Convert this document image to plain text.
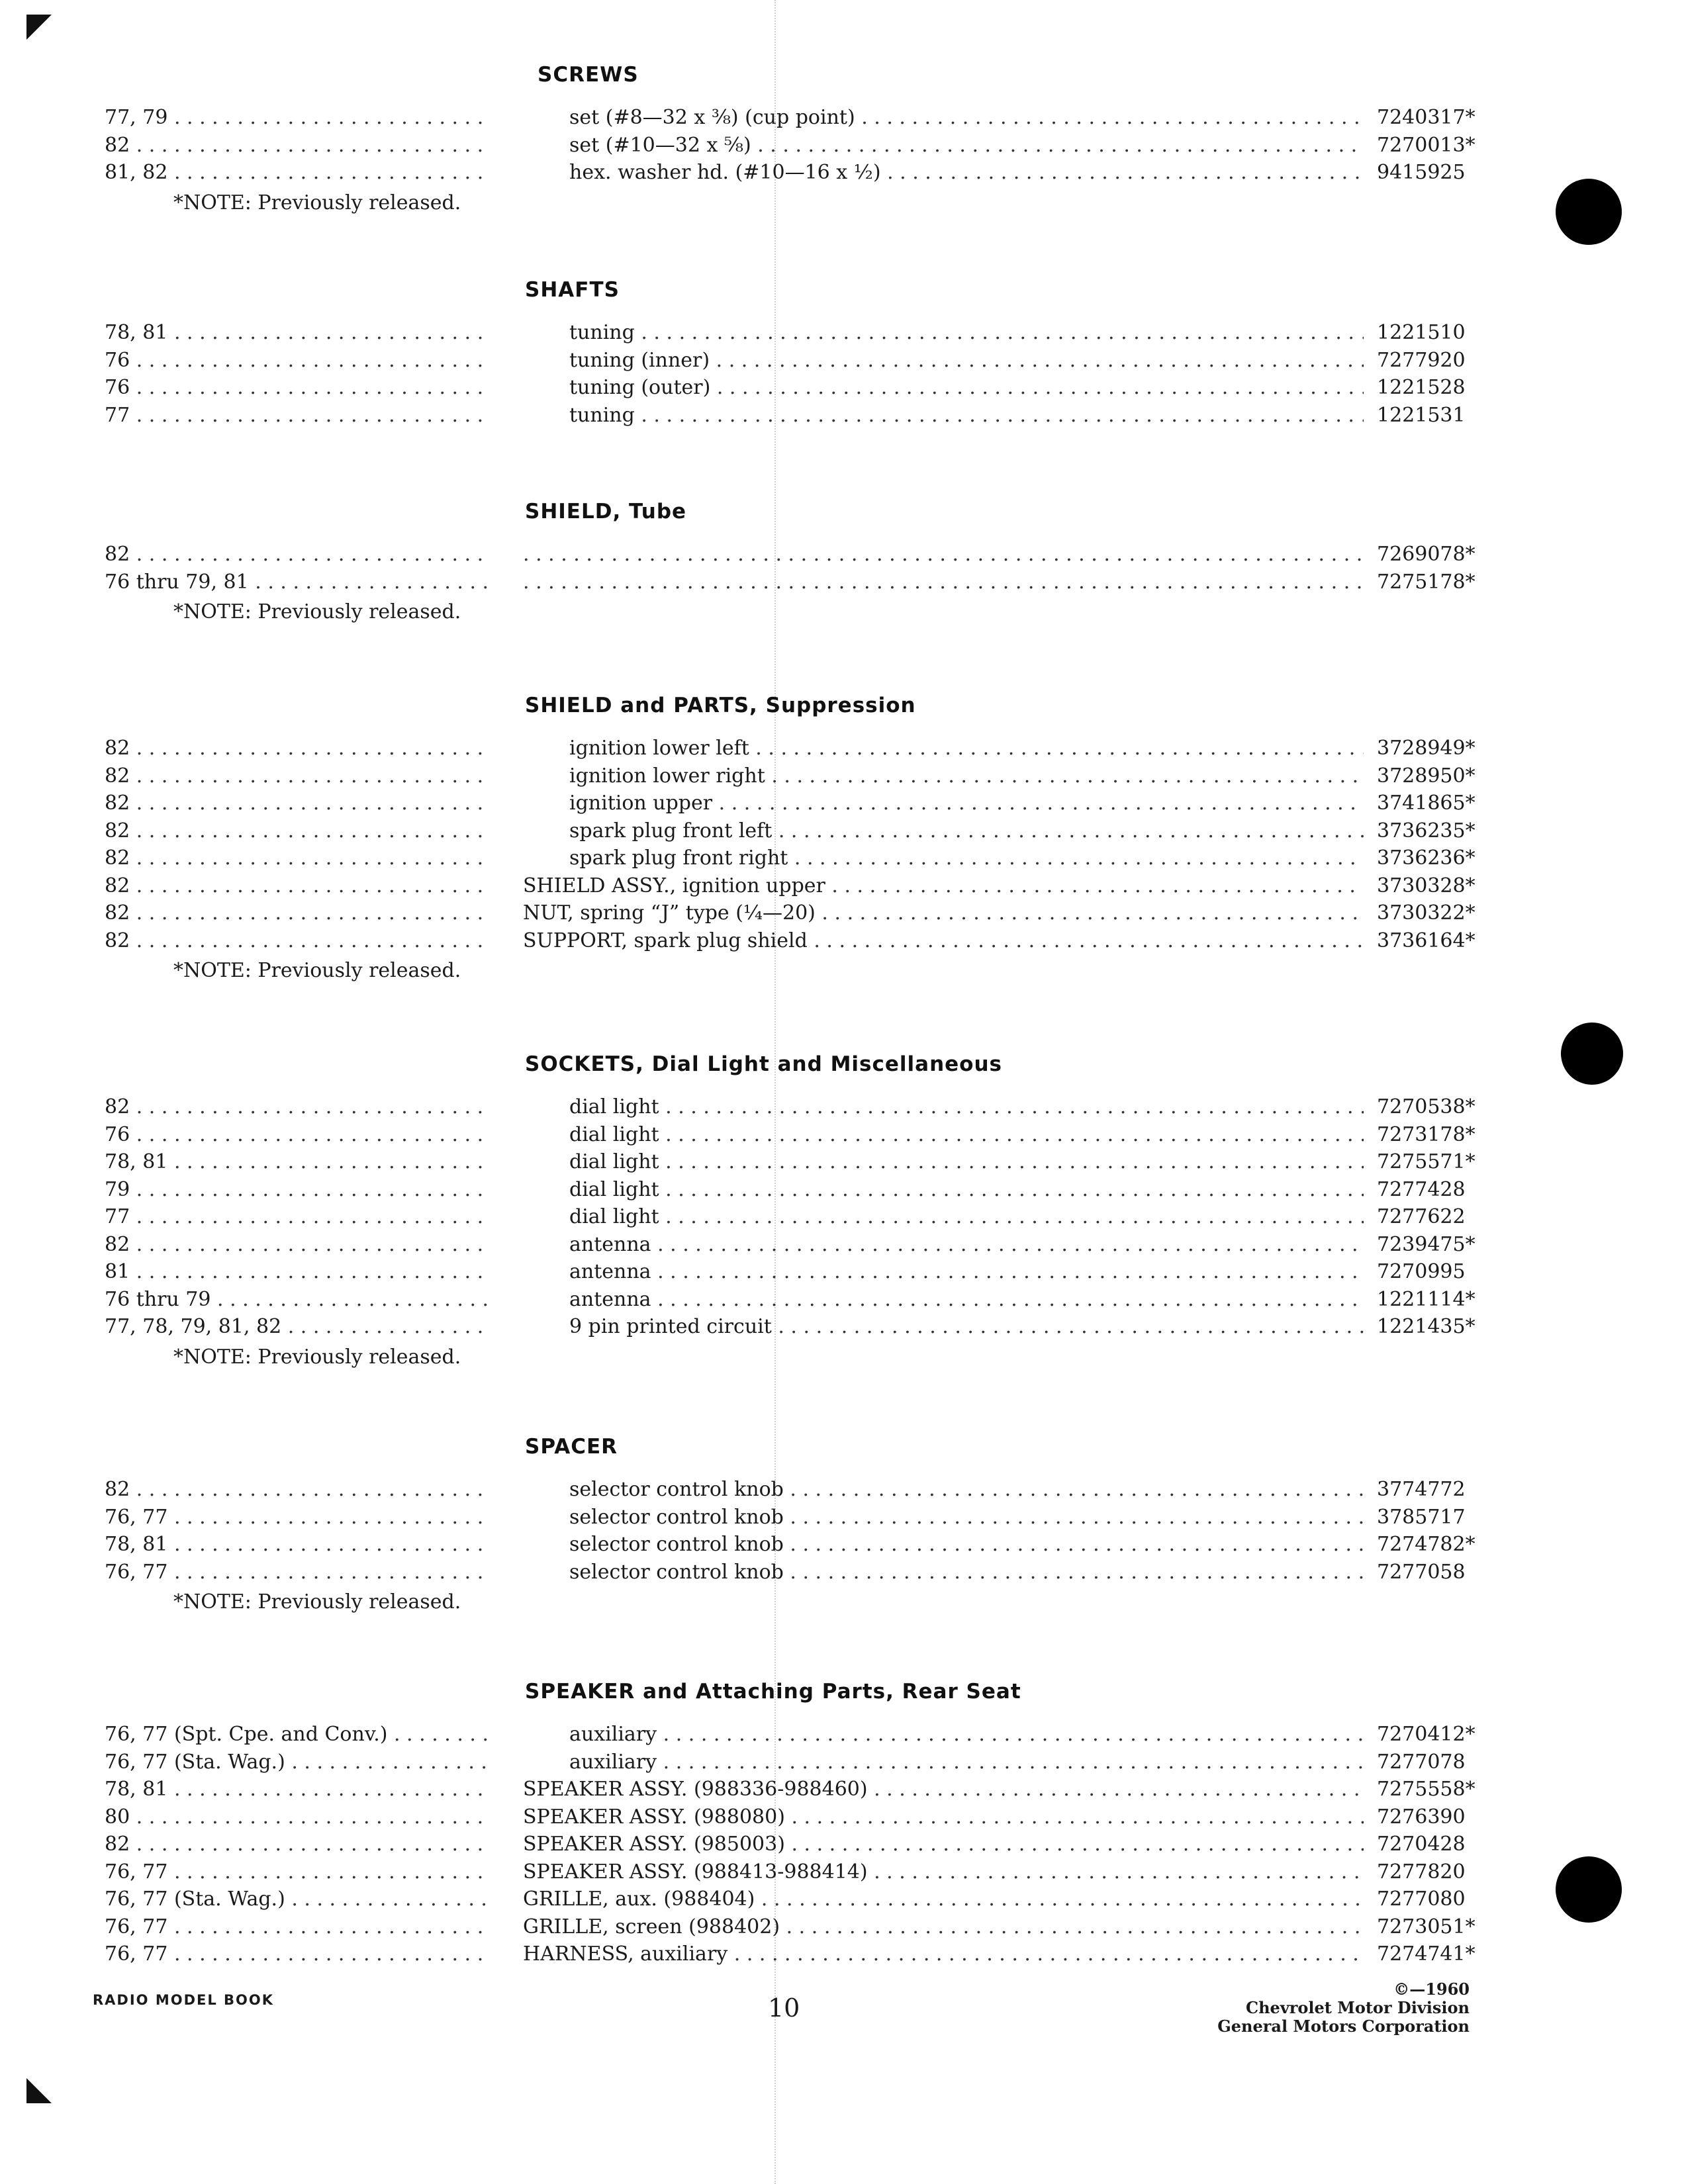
SCREWS
77, 79 . . .	set (#8—32 x ⅜) (cup point) . . .	7240317*
82 . . .	set (#10—32 x ⅝) . . .	7270013*
81, 82 . . .	hex. washer hd. (#10—16 x ½) . . .	9415925
*NOTE: Previously released.
SHAFTS
78, 81 . . .	tuning . . .	1221510
76 . . .	tuning (inner) . . .	7277920
76 . . .	tuning (outer) . . .	1221528
77 . . .	tuning . . .	1221531
SHIELD, Tube
82 . . . . . .	7269078*
76 thru 79, 81 . . . . . .	7275178*
*NOTE: Previously released.
SHIELD and PARTS, Suppression
82 . . .	ignition lower left . . .	3728949*
82 . . .	ignition lower right . . .	3728950*
82 . . .	ignition upper . . .	3741865*
82 . . .	spark plug front left . . .	3736235*
82 . . .	spark plug front right . . .	3736236*
82 . . .	SHIELD ASSY., ignition upper . . .	3730328*
82 . . .	NUT, spring “J” type (¼—20) . . .	3730322*
82 . . .	SUPPORT, spark plug shield . . .	3736164*
*NOTE: Previously released.
SOCKETS, Dial Light and Miscellaneous
82 . . .	dial light . . .	7270538*
76 . . .	dial light . . .	7273178*
78, 81 . . .	dial light . . .	7275571*
79 . . .	dial light . . .	7277428
77 . . .	dial light . . .	7277622
82 . . .	antenna . . .	7239475*
81 . . .	antenna . . .	7270995
76 thru 79 . . .	antenna . . .	1221114*
77, 78, 79, 81, 82 . . .	9 pin printed circuit . . .	1221435*
*NOTE: Previously released.
SPACER
82 . . .	selector control knob . . .	3774772
76, 77 . . .	selector control knob . . .	3785717
78, 81 . . .	selector control knob . . .	7274782*
76, 77 . . .	selector control knob . . .	7277058
*NOTE: Previously released.
SPEAKER and Attaching Parts, Rear Seat
76, 77 (Spt. Cpe. and Conv.) . . .	auxiliary . . .	7270412*
76, 77 (Sta. Wag.) . . .	auxiliary . . .	7277078
78, 81 . . .	SPEAKER ASSY. (988336-988460) . . .	7275558*
80 . . .	SPEAKER ASSY. (988080) . . .	7276390
82 . . .	SPEAKER ASSY. (985003) . . .	7270428
76, 77 . . .	SPEAKER ASSY. (988413-988414) . . .	7277820
76, 77 (Sta. Wag.) . . .	GRILLE, aux. (988404) . . .	7277080
76, 77 . . .	GRILLE, screen (988402) . . .	7273051*
76, 77 . . .	HARNESS, auxiliary . . .	7274741*
RADIO MODEL BOOK	10
©—1960
Chevrolet Motor Division
General Motors Corporation
